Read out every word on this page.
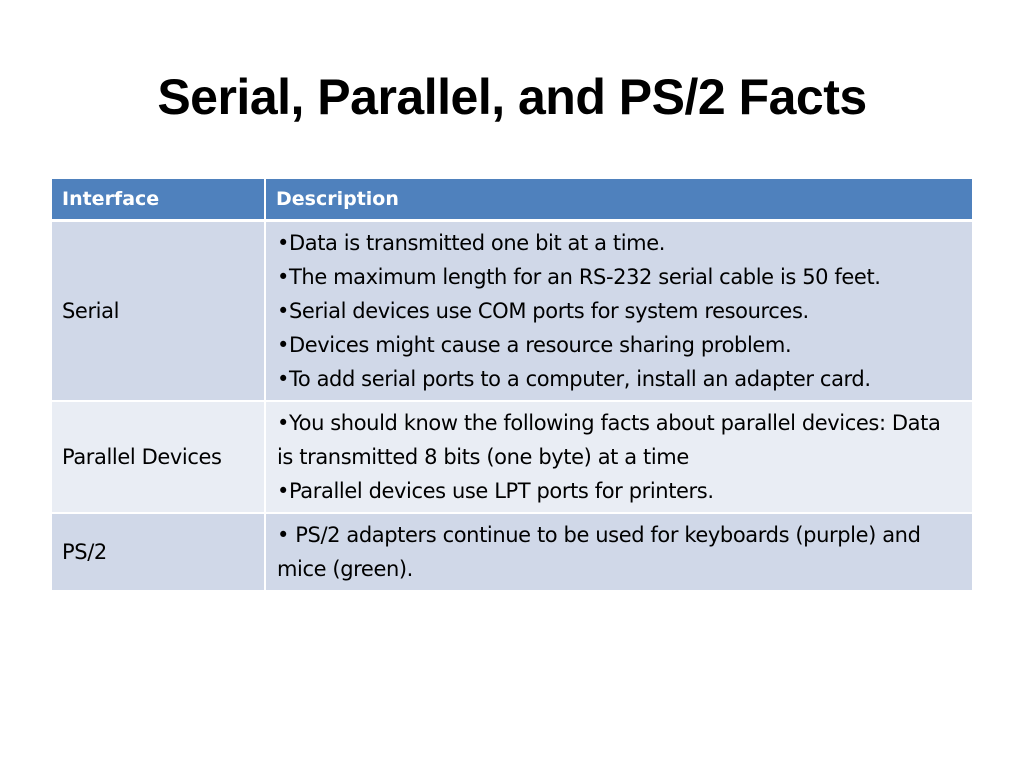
Serial, Parallel, and PS/2 Facts
Interface	Description
Serial	•Data is transmitted one bit at a time.
•The maximum length for an RS-232 serial cable is 50 feet.
•Serial devices use COM ports for system resources.
•Devices might cause a resource sharing problem.
•To add serial ports to a computer, install an adapter card.

Parallel Devices	•You should know the following facts about parallel devices: Data is transmitted 8 bits (one byte) at a time
•Parallel devices use LPT ports for printers.

PS/2	• PS/2 adapters continue to be used for keyboards (purple) and mice (green).
